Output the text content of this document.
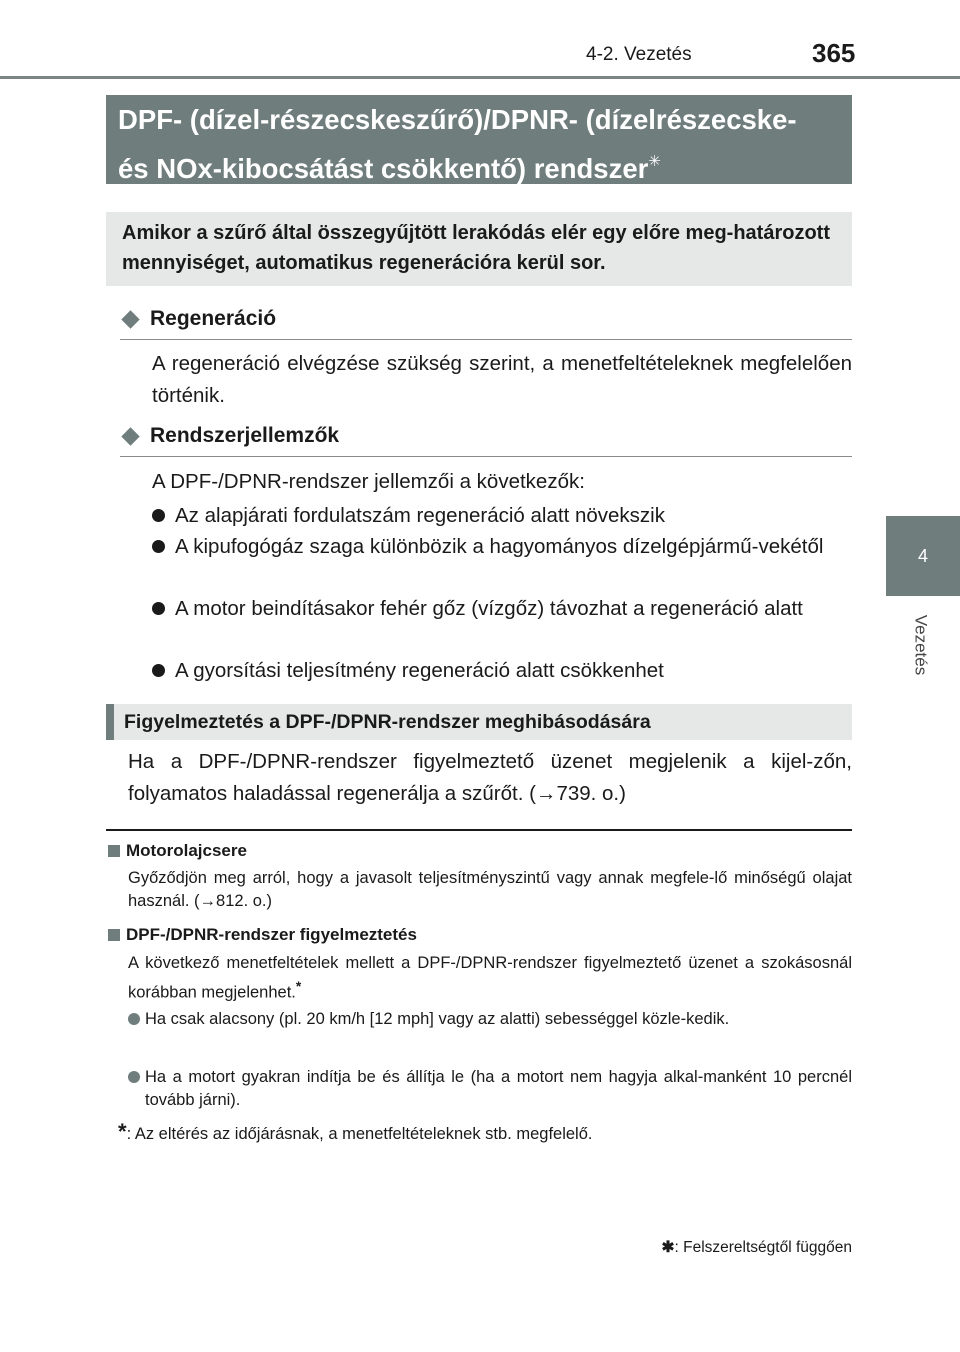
4-2. Vezetés	365
4
Vezetés
DPF- (dízel-részecskeszűrő)/DPNR- (dízelrészecske-
és NOx-kibocsátást csökkentő) rendszer✳
Amikor a szűrő által összegyűjtött lerakódás elér egy előre meg-határozott mennyiséget, automatikus regenerációra kerül sor.
Regeneráció
A regeneráció elvégzése szükség szerint, a menetfeltételeknek megfelelően történik.
Rendszerjellemzők
A DPF-/DPNR-rendszer jellemzői a következők:
Az alapjárati fordulatszám regeneráció alatt növekszik
A kipufogógáz szaga különbözik a hagyományos dízelgépjármű-vekétől
A motor beindításakor fehér gőz (vízgőz) távozhat a regeneráció alatt
A gyorsítási teljesítmény regeneráció alatt csökkenhet
Figyelmeztetés a DPF-/DPNR-rendszer meghibásodására
Ha a DPF-/DPNR-rendszer figyelmeztető üzenet megjelenik a kijel-zőn, folyamatos haladással regenerálja a szűrőt. (→739. o.)
Motorolajcsere
Győződjön meg arról, hogy a javasolt teljesítményszintű vagy annak megfele-lő minőségű olajat használ. (→812. o.)
DPF-/DPNR-rendszer figyelmeztetés
A következő menetfeltételek mellett a DPF-/DPNR-rendszer figyelmeztető üzenet a szokásosnál korábban megjelenhet.*
Ha csak alacsony (pl. 20 km/h [12 mph] vagy az alatti) sebességgel közle-kedik.
Ha a motort gyakran indítja be és állítja le (ha a motort nem hagyja alkal-manként 10 percnél tovább járni).
*: Az eltérés az időjárásnak, a menetfeltételeknek stb. megfelelő.
✱: Felszereltségtől függően
